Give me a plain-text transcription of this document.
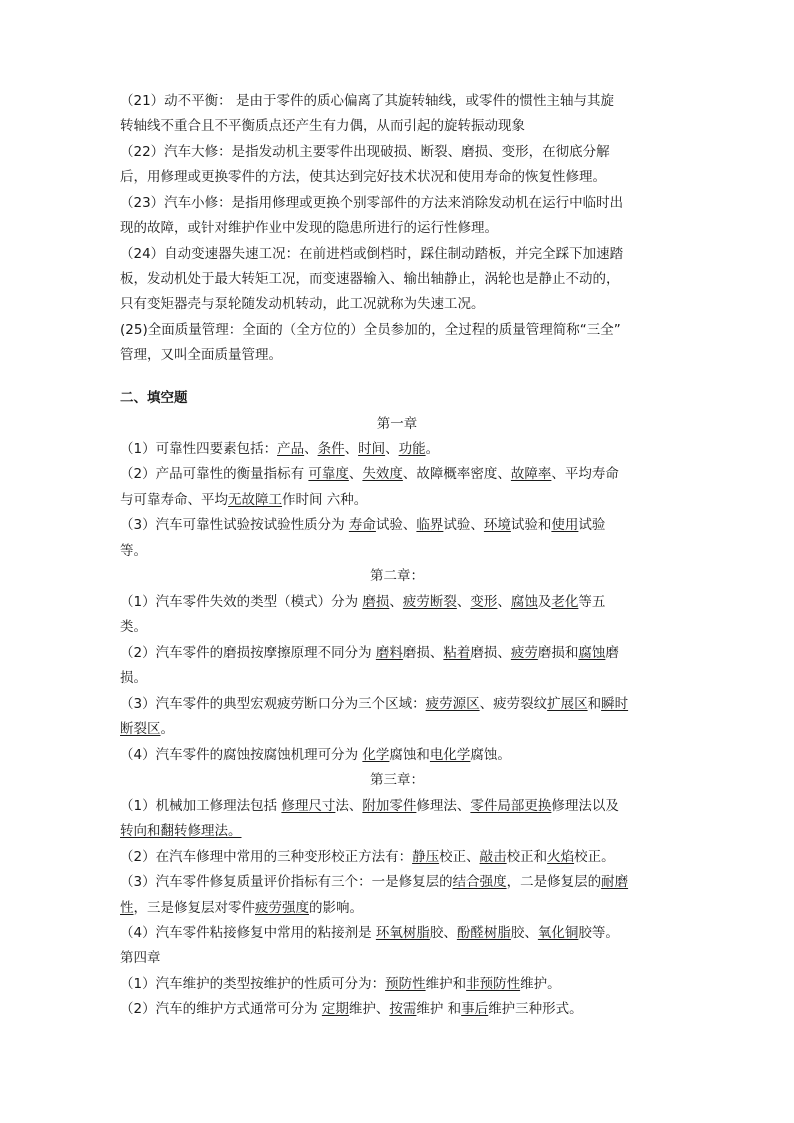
（21）动不平衡： 是由于零件的质心偏离了其旋转轴线，或零件的惯性主轴与其旋
转轴线不重合且不平衡质点还产生有力偶，从而引起的旋转振动现象
（22）汽车大修：是指发动机主要零件出现破损、断裂、磨损、变形，在彻底分解
后，用修理或更换零件的方法，使其达到完好技术状况和使用寿命的恢复性修理。
（23）汽车小修：是指用修理或更换个别零部件的方法来消除发动机在运行中临时出
现的故障，或针对维护作业中发现的隐患所进行的运行性修理。
（24）自动变速器失速工况：在前进档或倒档时，踩住制动踏板，并完全踩下加速踏
板，发动机处于最大转矩工况，而变速器输入、输出轴静止，涡轮也是静止不动的，
只有变矩器壳与泵轮随发动机转动，此工况就称为失速工况。
(25)全面质量管理：全面的（全方位的）全员参加的，全过程的质量管理简称“三全”
管理，又叫全面质量管理。
二、填空题
第一章
（1）可靠性四要素包括：产品、条件、时间、功能。
（2）产品可靠性的衡量指标有 可靠度、失效度、故障概率密度、故障率、平均寿命
与可靠寿命、平均无故障工作时间 六种。
（3）汽车可靠性试验按试验性质分为 寿命试验、临界试验、环境试验和使用试验
等。
第二章：
（1）汽车零件失效的类型（模式）分为 磨损、疲劳断裂、变形、腐蚀及老化等五
类。
（2）汽车零件的磨损按摩擦原理不同分为 磨料磨损、粘着磨损、疲劳磨损和腐蚀磨
损。
（3）汽车零件的典型宏观疲劳断口分为三个区域：疲劳源区、疲劳裂纹扩展区和瞬时
断裂区。
（4）汽车零件的腐蚀按腐蚀机理可分为 化学腐蚀和电化学腐蚀。
第三章：
（1）机械加工修理法包括 修理尺寸法、附加零件修理法、零件局部更换修理法以及
转向和翻转修理法。
（2）在汽车修理中常用的三种变形校正方法有：静压校正、敲击校正和火焰校正。
（3）汽车零件修复质量评价指标有三个：一是修复层的结合强度，二是修复层的耐磨
性，三是修复层对零件疲劳强度的影响。
（4）汽车零件粘接修复中常用的粘接剂是 环氧树脂胶、酚醛树脂胶、氧化铜胶等。
第四章
（1）汽车维护的类型按维护的性质可分为：预防性维护和非预防性维护。
（2）汽车的维护方式通常可分为 定期维护、按需维护 和事后维护三种形式。
